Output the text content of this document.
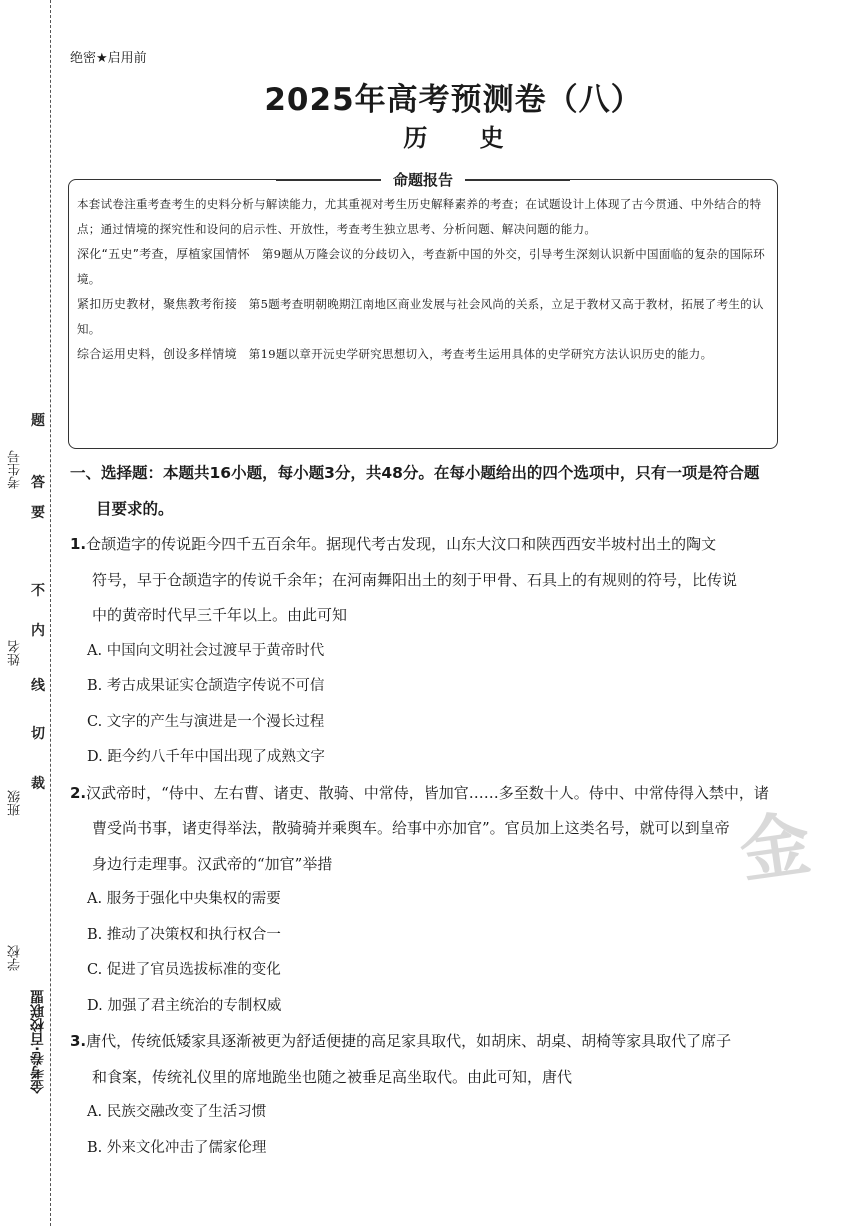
题
答
要
不
内
线
切
裁
考生号
姓名
班级
学校
金考卷·百校联盟
绝密★启用前
2025年高考预测卷（八）
历 史
命题报告

本套试卷注重考查考生的史料分析与解读能力，尤其重视对考生历史解释素养的考查；在试题设计上体现了古今贯通、中外结合的特点；通过情境的探究性和设问的启示性、开放性，考查考生独立思考、分析问题、解决问题的能力。

深化“五史”考查，厚植家国情怀 第9题从万隆会议的分歧切入，考查新中国的外交，引导考生深刻认识新中国面临的复杂的国际环境。

紧扣历史教材，聚焦教考衔接 第5题考查明朝晚期江南地区商业发展与社会风尚的关系，立足于教材又高于教材，拓展了考生的认知。

综合运用史料，创设多样情境 第19题以章开沅史学研究思想切入，考查考生运用具体的史学研究方法认识历史的能力。

一、选择题：本题共16小题，每小题3分，共48分。在每小题给出的四个选项中，只有一项是符合题

目要求的。

1.仓颉造字的传说距今四千五百余年。据现代考古发现，山东大汶口和陕西西安半坡村出土的陶文

符号，早于仓颉造字的传说千余年；在河南舞阳出土的刻于甲骨、石具上的有规则的符号，比传说

中的黄帝时代早三千年以上。由此可知

A. 中国向文明社会过渡早于黄帝时代

B. 考古成果证实仓颉造字传说不可信

C. 文字的产生与演进是一个漫长过程

D. 距今约八千年中国出现了成熟文字

2.汉武帝时，“侍中、左右曹、诸吏、散骑、中常侍，皆加官……多至数十人。侍中、中常侍得入禁中，诸

曹受尚书事，诸吏得举法，散骑骑并乘舆车。给事中亦加官”。官员加上这类名号，就可以到皇帝

身边行走理事。汉武帝的“加官”举措

A. 服务于强化中央集权的需要

B. 推动了决策权和执行权合一

C. 促进了官员选拔标准的变化

D. 加强了君主统治的专制权威

3.唐代，传统低矮家具逐渐被更为舒适便捷的高足家具取代，如胡床、胡桌、胡椅等家具取代了席子

和食案，传统礼仪里的席地跪坐也随之被垂足高坐取代。由此可知，唐代

A. 民族交融改变了生活习惯

B. 外来文化冲击了儒家伦理

金
